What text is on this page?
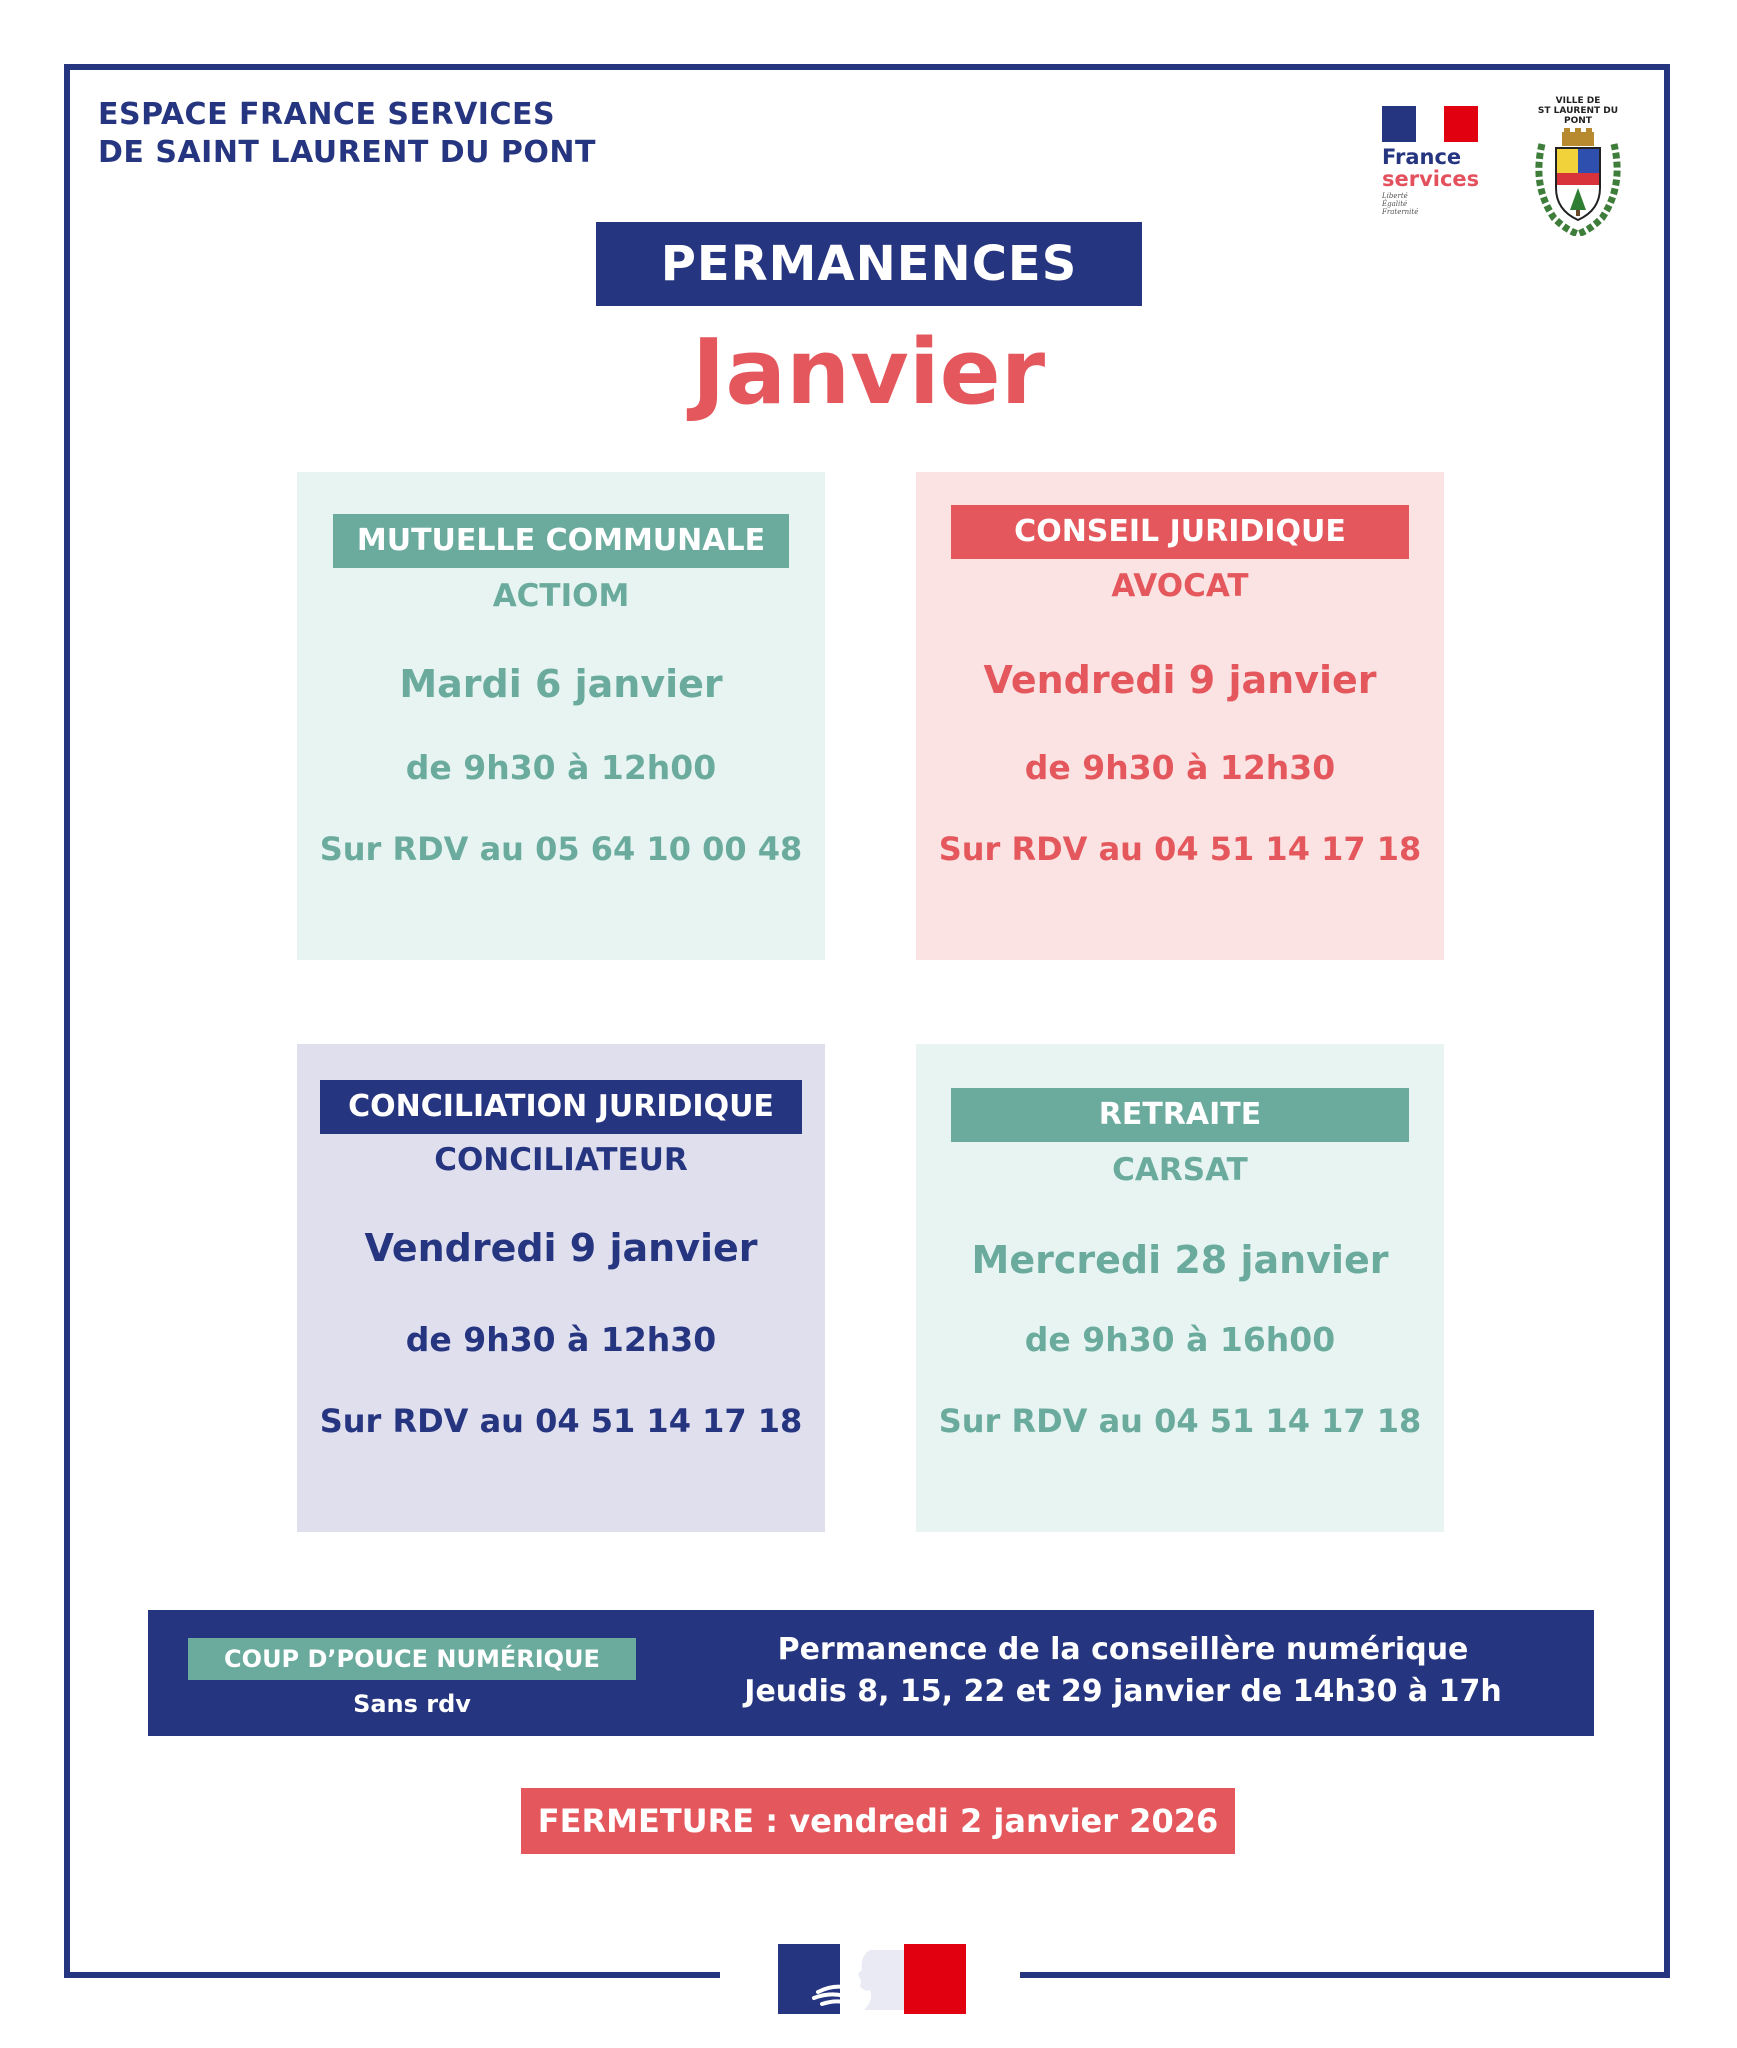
ESPACE FRANCE SERVICES
DE SAINT LAURENT DU PONT	France
services
Liberté
Égalité
Fraternité
VILLE DE
ST LAURENT DU PONT
PERMANENCES
Janvier
MUTUELLE COMMUNALE
ACTIOM
Mardi 6 janvier
de 9h30 à 12h00
Sur RDV au 05 64 10 00 48
CONSEIL JURIDIQUE
AVOCAT
Vendredi 9 janvier
de 9h30 à 12h30
Sur RDV au 04 51 14 17 18
CONCILIATION JURIDIQUE
CONCILIATEUR
Vendredi 9 janvier
de 9h30 à 12h30
Sur RDV au 04 51 14 17 18
RETRAITE
CARSAT
Mercredi 28 janvier
de 9h30 à 16h00
Sur RDV au 04 51 14 17 18
COUP D’POUCE NUMÉRIQUE
Sans rdv
Permanence de la conseillère numérique
Jeudis 8, 15, 22 et 29 janvier de 14h30 à 17h
FERMETURE : vendredi 2 janvier 2026
